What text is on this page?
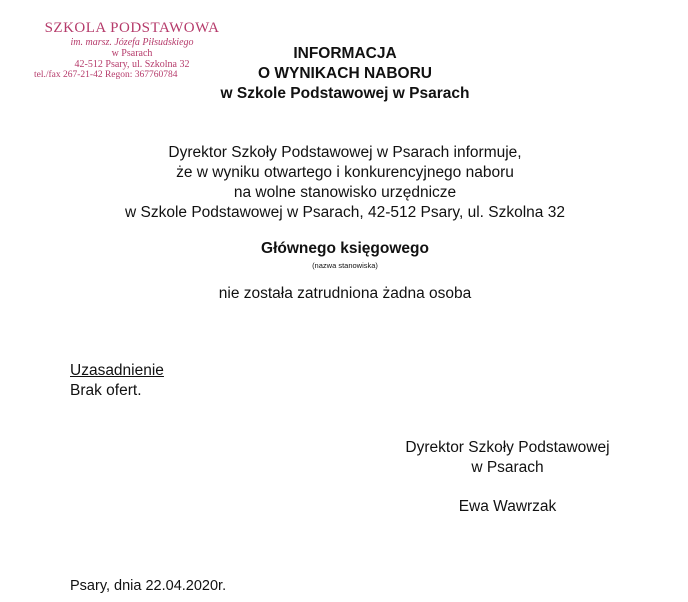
SZKOLA PODSTAWOWA
im. marsz. Józefa Piłsudskiego
w Psarach
42-512 Psary, ul. Szkolna 32
tel./fax 267-21-42 Regon: 367760784
INFORMACJA
O WYNIKACH NABORU
w Szkole Podstawowej w Psarach
Dyrektor Szkoły Podstawowej w Psarach informuje,
że w wyniku otwartego i konkurencyjnego naboru
na wolne stanowisko urzędnicze
w Szkole Podstawowej w Psarach, 42-512 Psary, ul. Szkolna 32
Głównego księgowego
(nazwa stanowiska)
nie została zatrudniona żadna osoba
Uzasadnienie
Brak ofert.
Dyrektor Szkoły Podstawowej
w Psarach
Ewa Wawrzak
Psary, dnia 22.04.2020r.
